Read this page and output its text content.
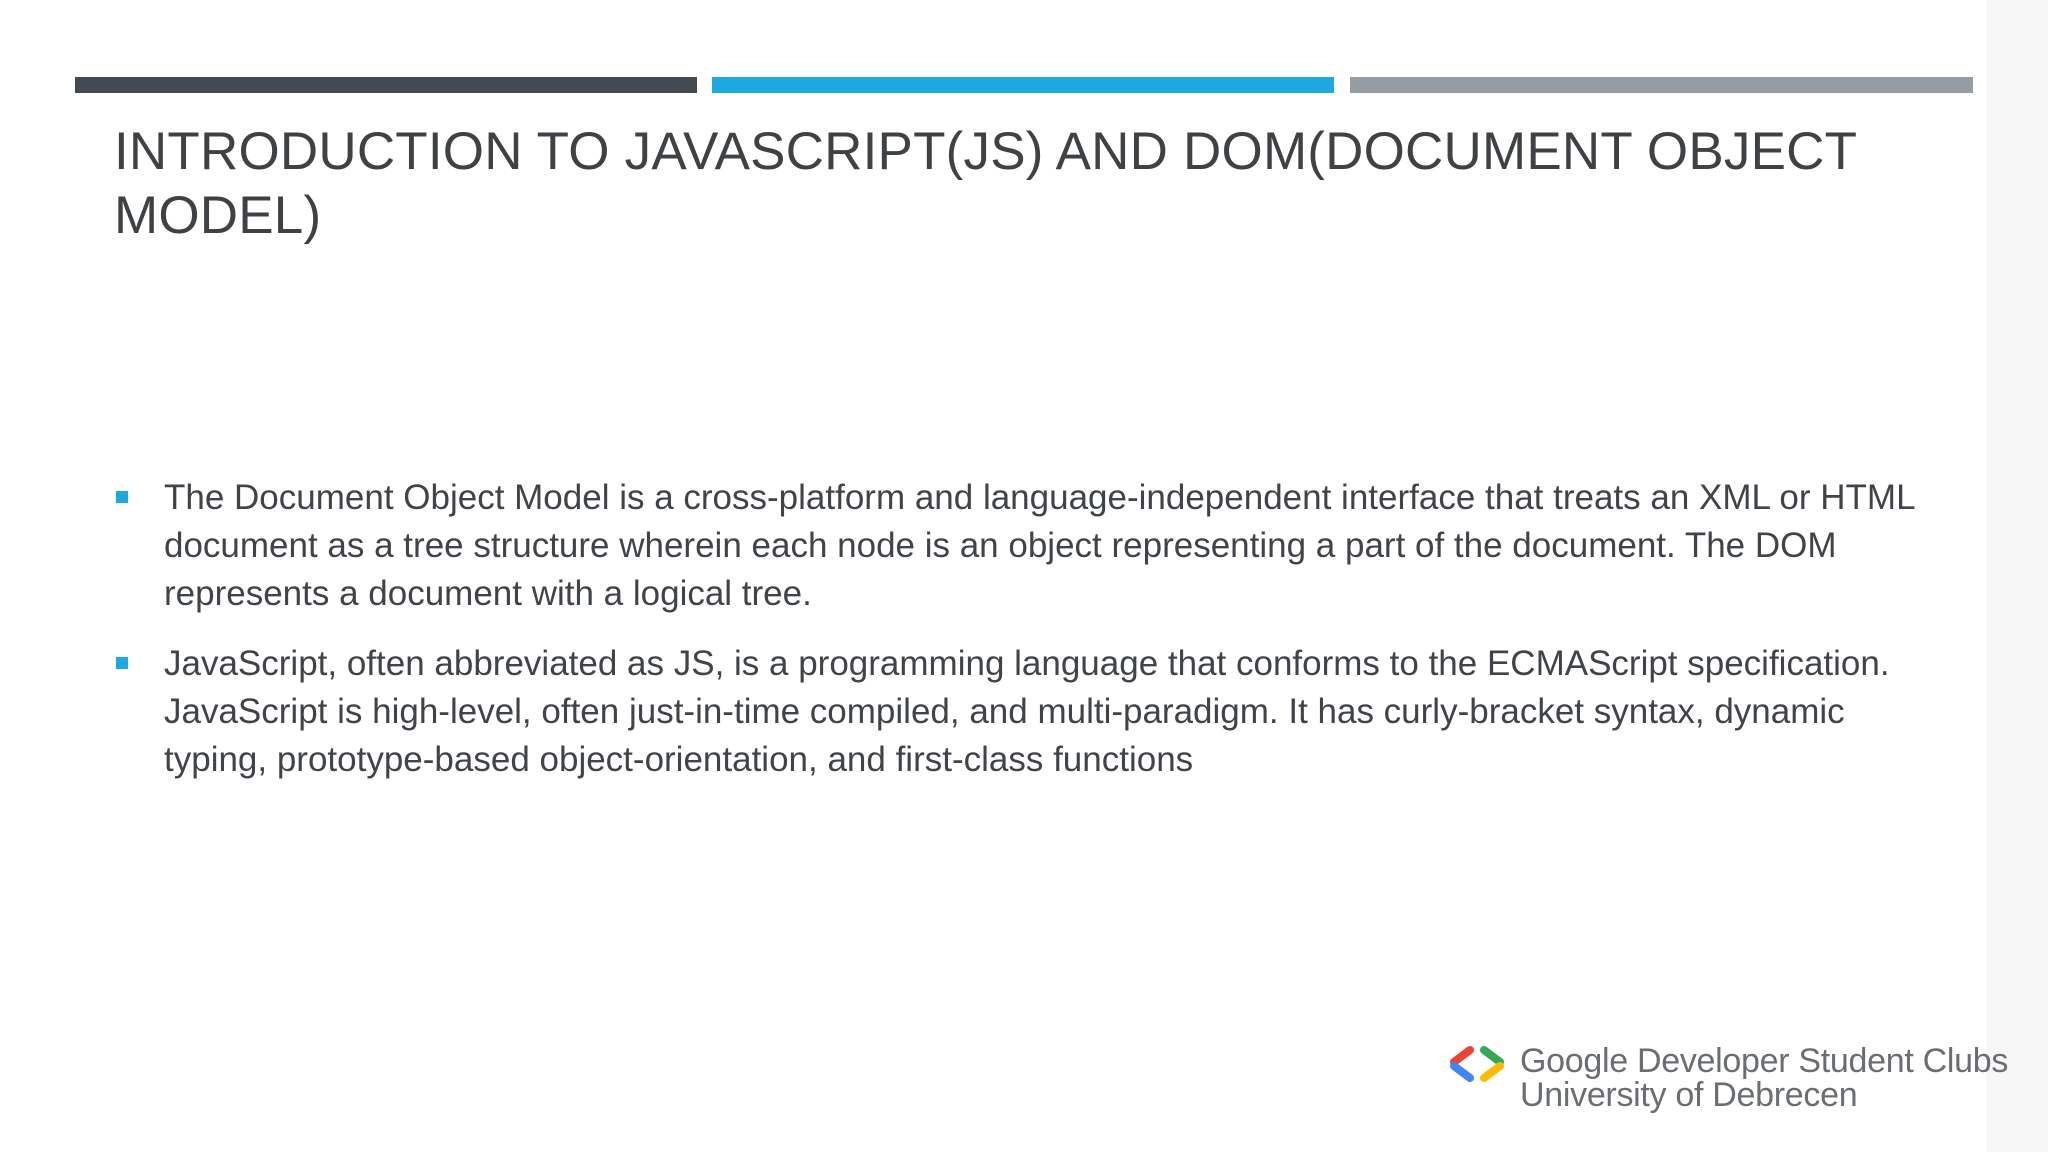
INTRODUCTION TO JAVASCRIPT(JS) AND DOM(DOCUMENT OBJECT MODEL)
The Document Object Model is a cross-platform and language-independent interface that treats an XML or HTML document as a tree structure wherein each node is an object representing a part of the document. The DOM represents a document with a logical tree.
JavaScript, often abbreviated as JS, is a programming language that conforms to the ECMAScript specification. JavaScript is high-level, often just-in-time compiled, and multi-paradigm. It has curly-bracket syntax, dynamic typing, prototype-based object-orientation, and first-class functions
Google Developer Student Clubs
University of Debrecen
